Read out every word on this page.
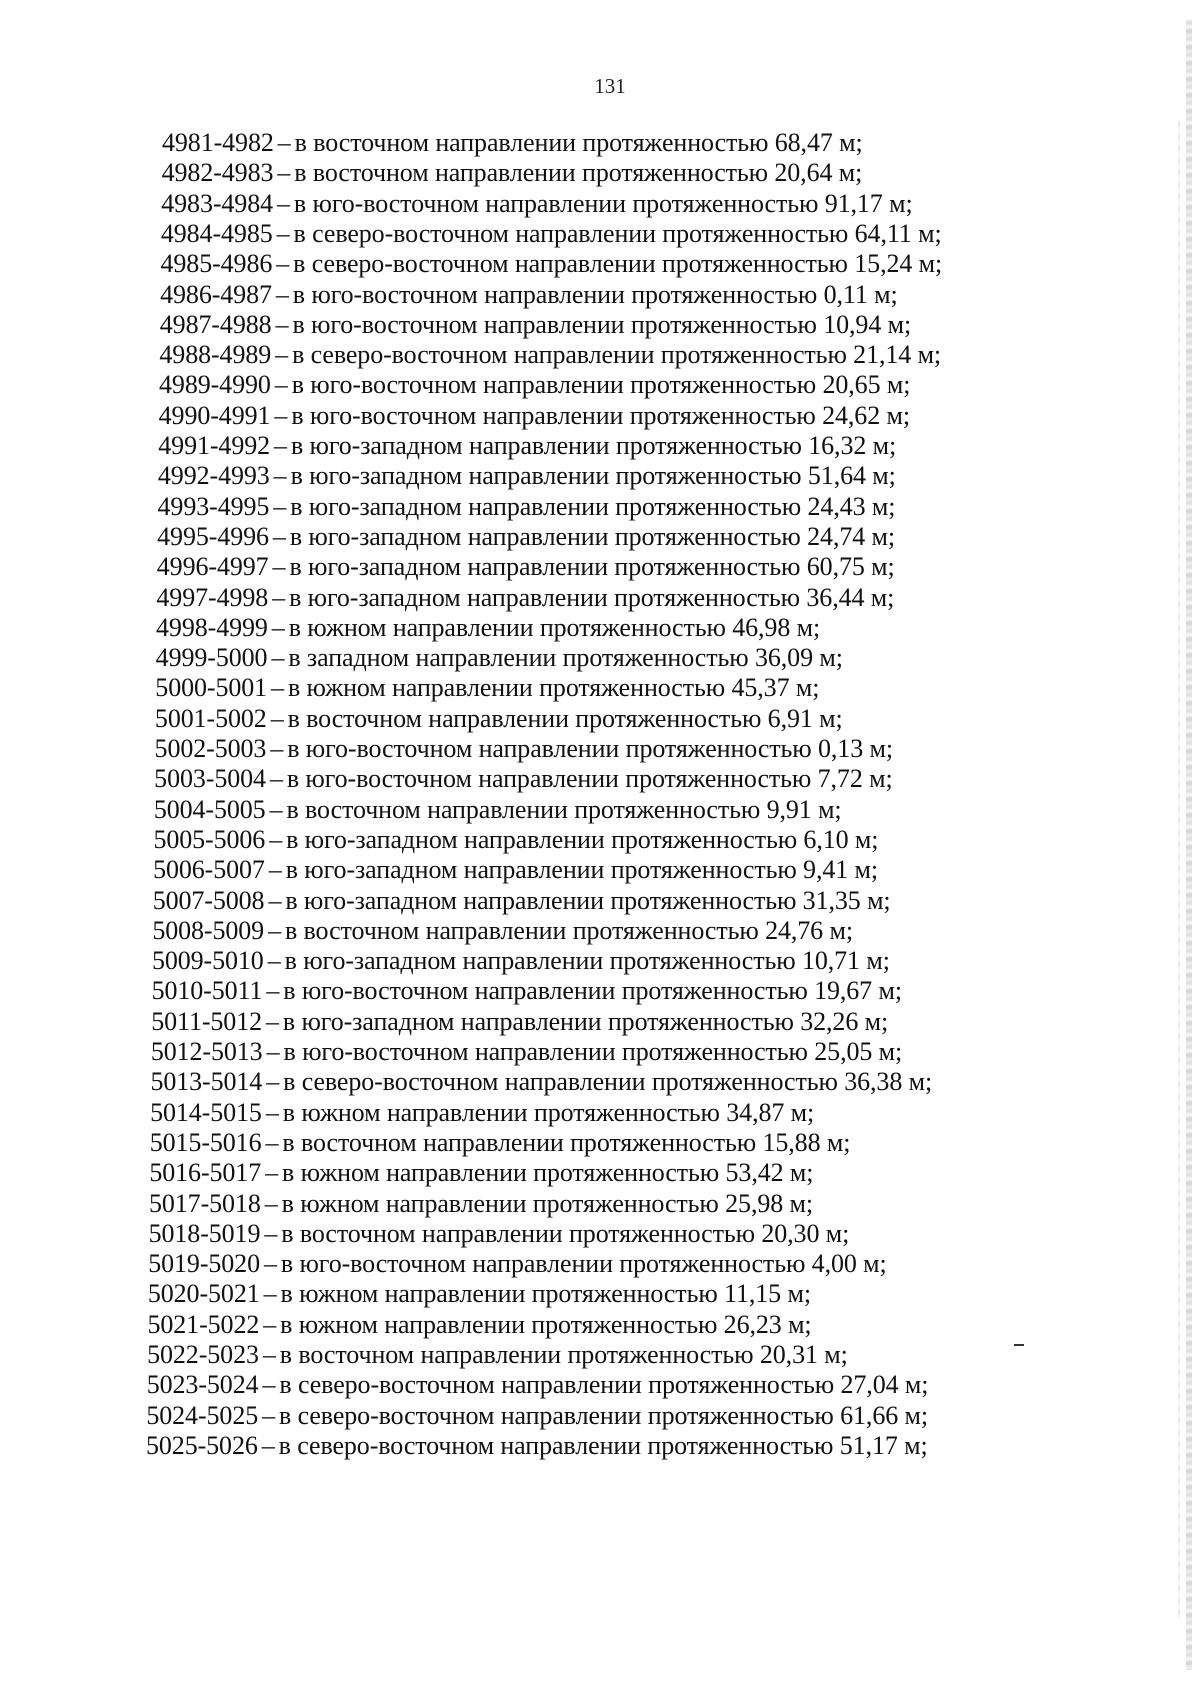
131
4981-4982 – в восточном направлении протяженностью 68,47 м;
4982-4983 – в восточном направлении протяженностью 20,64 м;
4983-4984 – в юго-восточном направлении протяженностью 91,17 м;
4984-4985 – в северо-восточном направлении протяженностью 64,11 м;
4985-4986 – в северо-восточном направлении протяженностью 15,24 м;
4986-4987 – в юго-восточном направлении протяженностью 0,11 м;
4987-4988 – в юго-восточном направлении протяженностью 10,94 м;
4988-4989 – в северо-восточном направлении протяженностью 21,14 м;
4989-4990 – в юго-восточном направлении протяженностью 20,65 м;
4990-4991 – в юго-восточном направлении протяженностью 24,62 м;
4991-4992 – в юго-западном направлении протяженностью 16,32 м;
4992-4993 – в юго-западном направлении протяженностью 51,64 м;
4993-4995 – в юго-западном направлении протяженностью 24,43 м;
4995-4996 – в юго-западном направлении протяженностью 24,74 м;
4996-4997 – в юго-западном направлении протяженностью 60,75 м;
4997-4998 – в юго-западном направлении протяженностью 36,44 м;
4998-4999 – в южном направлении протяженностью 46,98 м;
4999-5000 – в западном направлении протяженностью 36,09 м;
5000-5001 – в южном направлении протяженностью 45,37 м;
5001-5002 – в восточном направлении протяженностью 6,91 м;
5002-5003 – в юго-восточном направлении протяженностью 0,13 м;
5003-5004 – в юго-восточном направлении протяженностью 7,72 м;
5004-5005 – в восточном направлении протяженностью 9,91 м;
5005-5006 – в юго-западном направлении протяженностью 6,10 м;
5006-5007 – в юго-западном направлении протяженностью 9,41 м;
5007-5008 – в юго-западном направлении протяженностью 31,35 м;
5008-5009 – в восточном направлении протяженностью 24,76 м;
5009-5010 – в юго-западном направлении протяженностью 10,71 м;
5010-5011 – в юго-восточном направлении протяженностью 19,67 м;
5011-5012 – в юго-западном направлении протяженностью 32,26 м;
5012-5013 – в юго-восточном направлении протяженностью 25,05 м;
5013-5014 – в северо-восточном направлении протяженностью 36,38 м;
5014-5015 – в южном направлении протяженностью 34,87 м;
5015-5016 – в восточном направлении протяженностью 15,88 м;
5016-5017 – в южном направлении протяженностью 53,42 м;
5017-5018 – в южном направлении протяженностью 25,98 м;
5018-5019 – в восточном направлении протяженностью 20,30 м;
5019-5020 – в юго-восточном направлении протяженностью 4,00 м;
5020-5021 – в южном направлении протяженностью 11,15 м;
5021-5022 – в южном направлении протяженностью 26,23 м;
5022-5023 – в восточном направлении протяженностью 20,31 м;
5023-5024 – в северо-восточном направлении протяженностью 27,04 м;
5024-5025 – в северо-восточном направлении протяженностью 61,66 м;
5025-5026 – в северо-восточном направлении протяженностью 51,17 м;
